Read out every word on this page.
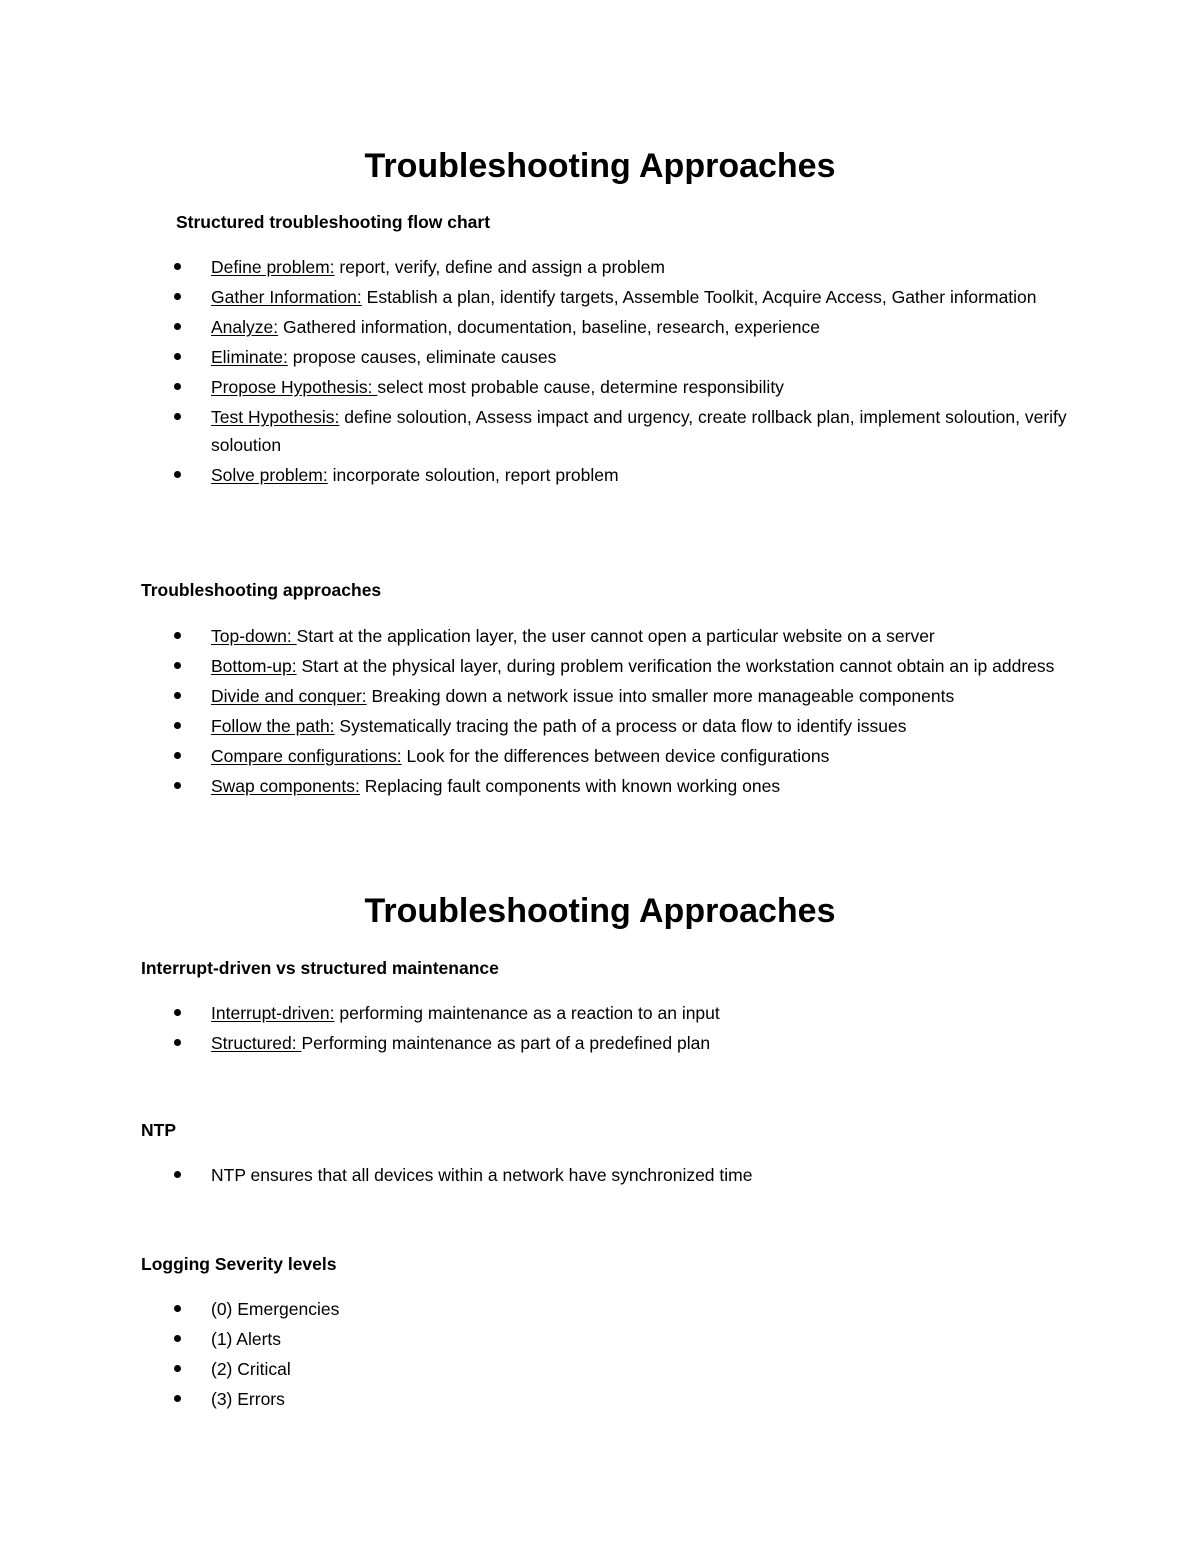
Troubleshooting Approaches
Structured troubleshooting flow chart
Define problem: report, verify, define and assign a problem
Gather Information: Establish a plan, identify targets, Assemble Toolkit, Acquire Access, Gather information
Analyze: Gathered information, documentation, baseline, research, experience
Eliminate: propose causes, eliminate causes
Propose Hypothesis: select most probable cause, determine responsibility
Test Hypothesis: define soloution, Assess impact and urgency, create rollback plan, implement soloution, verify soloution
Solve problem: incorporate soloution, report problem
Troubleshooting approaches
Top-down: Start at the application layer, the user cannot open a particular website on a server
Bottom-up: Start at the physical layer, during problem verification the workstation cannot obtain an ip address
Divide and conquer: Breaking down a network issue into smaller more manageable components
Follow the path: Systematically tracing the path of a process or data flow to identify issues
Compare configurations: Look for the differences between device configurations
Swap components: Replacing fault components with known working ones
Troubleshooting Approaches
Interrupt-driven vs structured maintenance
Interrupt-driven: performing maintenance as a reaction to an input
Structured: Performing maintenance as part of a predefined plan
NTP
NTP ensures that all devices within a network have synchronized time
Logging Severity levels
(0) Emergencies
(1) Alerts
(2) Critical
(3) Errors
